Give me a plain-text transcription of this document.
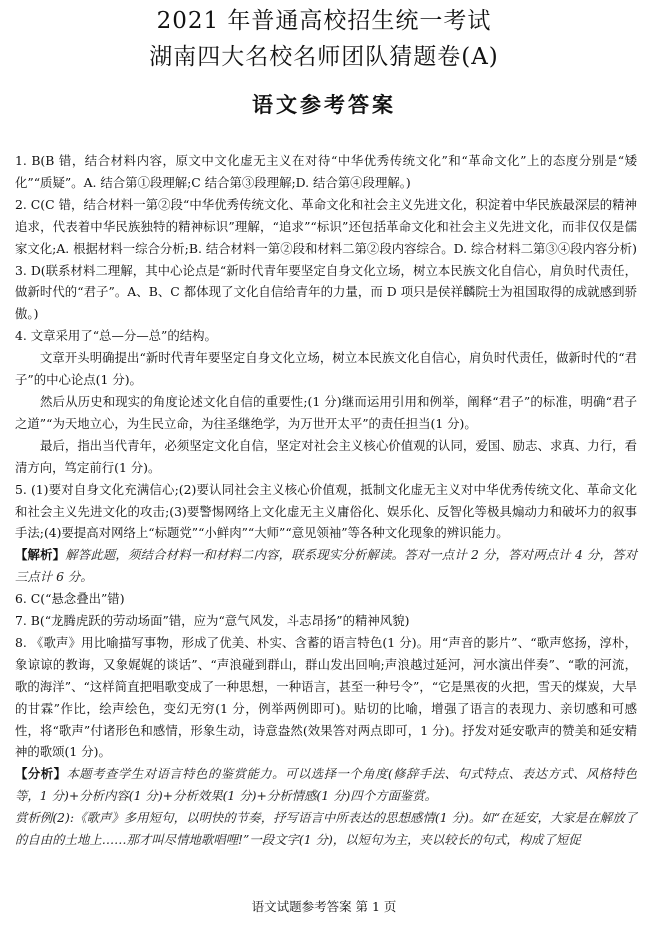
2021 年普通高校招生统一考试
湖南四大名校名师团队猜题卷(A)
语文参考答案

1. B(B 错，结合材料内容，原文中文化虚无主义在对待“中华优秀传统文化”和“革命文化”上的态度分别是“矮化”“质疑”。A. 结合第①段理解;C 结合第③段理解;D. 结合第④段理解。)

2. C(C 错，结合材料一第②段“中华优秀传统文化、革命文化和社会主义先进文化，积淀着中华民族最深层的精神追求，代表着中华民族独特的精神标识”理解，“追求”“标识”还包括革命文化和社会主义先进文化，而非仅仅是儒家文化;A. 根据材料一综合分析;B. 结合材料一第②段和材料二第②段内容综合。D. 综合材料二第③④段内容分析)

3. D(联系材料二理解，其中心论点是“新时代青年要坚定自身文化立场，树立本民族文化自信心，肩负时代责任，做新时代的“君子”。A、B、C 都体现了文化自信给青年的力量，而 D 项只是侯祥麟院士为祖国取得的成就感到骄傲。)

4. 文章采用了“总—分—总”的结构。

文章开头明确提出“新时代青年要坚定自身文化立场，树立本民族文化自信心，肩负时代责任，做新时代的“君子”的中心论点(1 分)。

然后从历史和现实的角度论述文化自信的重要性;(1 分)继而运用引用和例举，阐释“君子”的标准，明确“君子之道”“为天地立心，为生民立命，为往圣继绝学，为万世开太平”的责任担当(1 分)。

最后，指出当代青年，必须坚定文化自信，坚定对社会主义核心价值观的认同，爱国、励志、求真、力行，看清方向，笃定前行(1 分)。

5. (1)要对自身文化充满信心;(2)要认同社会主义核心价值观，抵制文化虚无主义对中华优秀传统文化、革命文化和社会主义先进文化的攻击;(3)要警惕网络上文化虚无主义庸俗化、娱乐化、反智化等极具煽动力和破坏力的叙事手法;(4)要提高对网络上“标题党”“小鲜肉”“大师”“意见领袖”等各种文化现象的辨识能力。

【解析】解答此题，须结合材料一和材料二内容，联系现实分析解读。答对一点计 2 分，答对两点计 4 分，答对三点计 6 分。

6. C(“悬念叠出”错)

7. B(“龙腾虎跃的劳动场面”错，应为“意气风发，斗志昂扬”的精神风貌)

8. 《歌声》用比喻描写事物，形成了优美、朴实、含蓄的语言特色(1 分)。用“声音的影片”、“歌声悠扬，淳朴，象谅谅的教诲，又象娓娓的谈话”、“声浪碰到群山，群山发出回响;声浪越过延河，河水演出伴奏”、“歌的河流，歌的海洋”、“这样简直把唱歌变成了一种思想，一种语言，甚至一种号令”，“它是黑夜的火把，雪天的煤炭，大旱的甘霖”作比，绘声绘色，变幻无穷(1 分，例举两例即可)。贴切的比喻，增强了语言的表现力、亲切感和可感性，将“歌声”付诸形色和感情，形象生动，诗意盎然(效果答对两点即可，1 分)。抒发对延安歌声的赞美和延安精神的歌颂(1 分)。

【分析】本题考查学生对语言特色的鉴赏能力。可以选择一个角度(修辞手法、句式特点、表达方式、风格特色等，1 分)+分析内容(1 分)+分析效果(1 分)+分析情感(1 分)四个方面鉴赏。

赏析例(2):《歌声》多用短句，以明快的节奏，抒写语言中所表达的思想感情(1 分)。如“在延安，大家是在解放了的自由的土地上……那才叫尽情地歌唱哩!”一段文字(1 分)，以短句为主，夹以较长的句式，构成了短促

语文试题参考答案 第 1 页
